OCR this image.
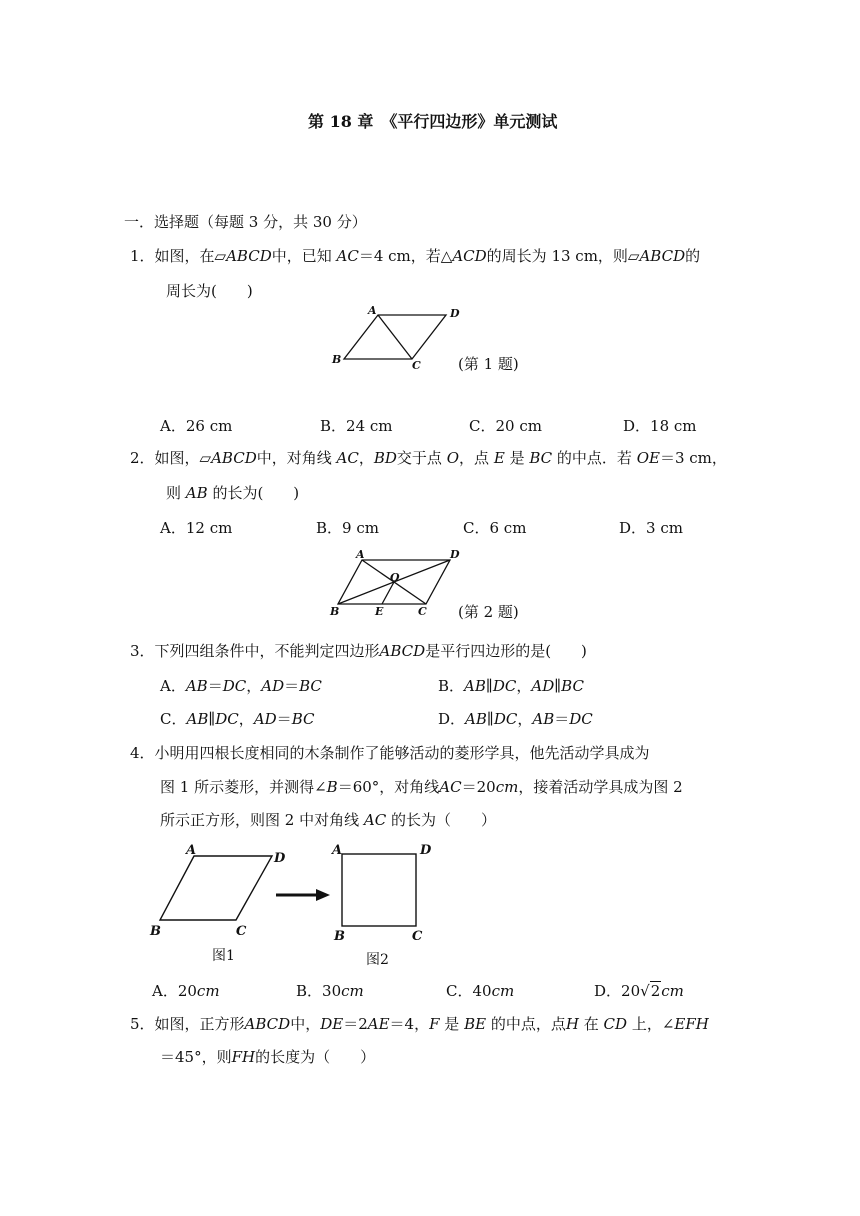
第 18 章　《平行四边形》单元测试
一．选择题（每题 3 分，共 30 分）
1．如图，在▱ABCD中，已知 AC＝4 cm，若△ACD的周长为 13 cm，则▱ABCD的
周长为(　　)
A
B	C
D
(第 1 题)
A．26 cm	B．24 cm	C．20 cm	D．18 cm
2．如图，▱ABCD中，对角线 AC，BD交于点 O，点 E 是 BC 的中点．若 OE＝3 cm，
则 AB 的长为(　　)
A．12 cm	B．9 cm	C．6 cm	D．3 cm
A	D
O
B	E	C (第 2 题)
3．下列四组条件中，不能判定四边形ABCD是平行四边形的是(　　)
A．AB＝DC，AD＝BC	B．AB∥DC，AD∥BC
C．AB∥DC，AD＝BC	D．AB∥DC，AB＝DC
4．小明用四根长度相同的木条制作了能够活动的菱形学具，他先活动学具成为
图 1 所示菱形，并测得∠B＝60°，对角线AC＝20cm，接着活动学具成为图 2
所示正方形，则图 2 中对角线 AC 的长为（　　）
A
D
B	C
图1
A	D
B	C
图2
A．20cm	B．30cm	C．40cm	D．20√2cm
5．如图，正方形ABCD中，DE＝2AE＝4，F 是 BE 的中点，点H 在 CD 上，∠EFH
＝45°，则FH的长度为（　　）
